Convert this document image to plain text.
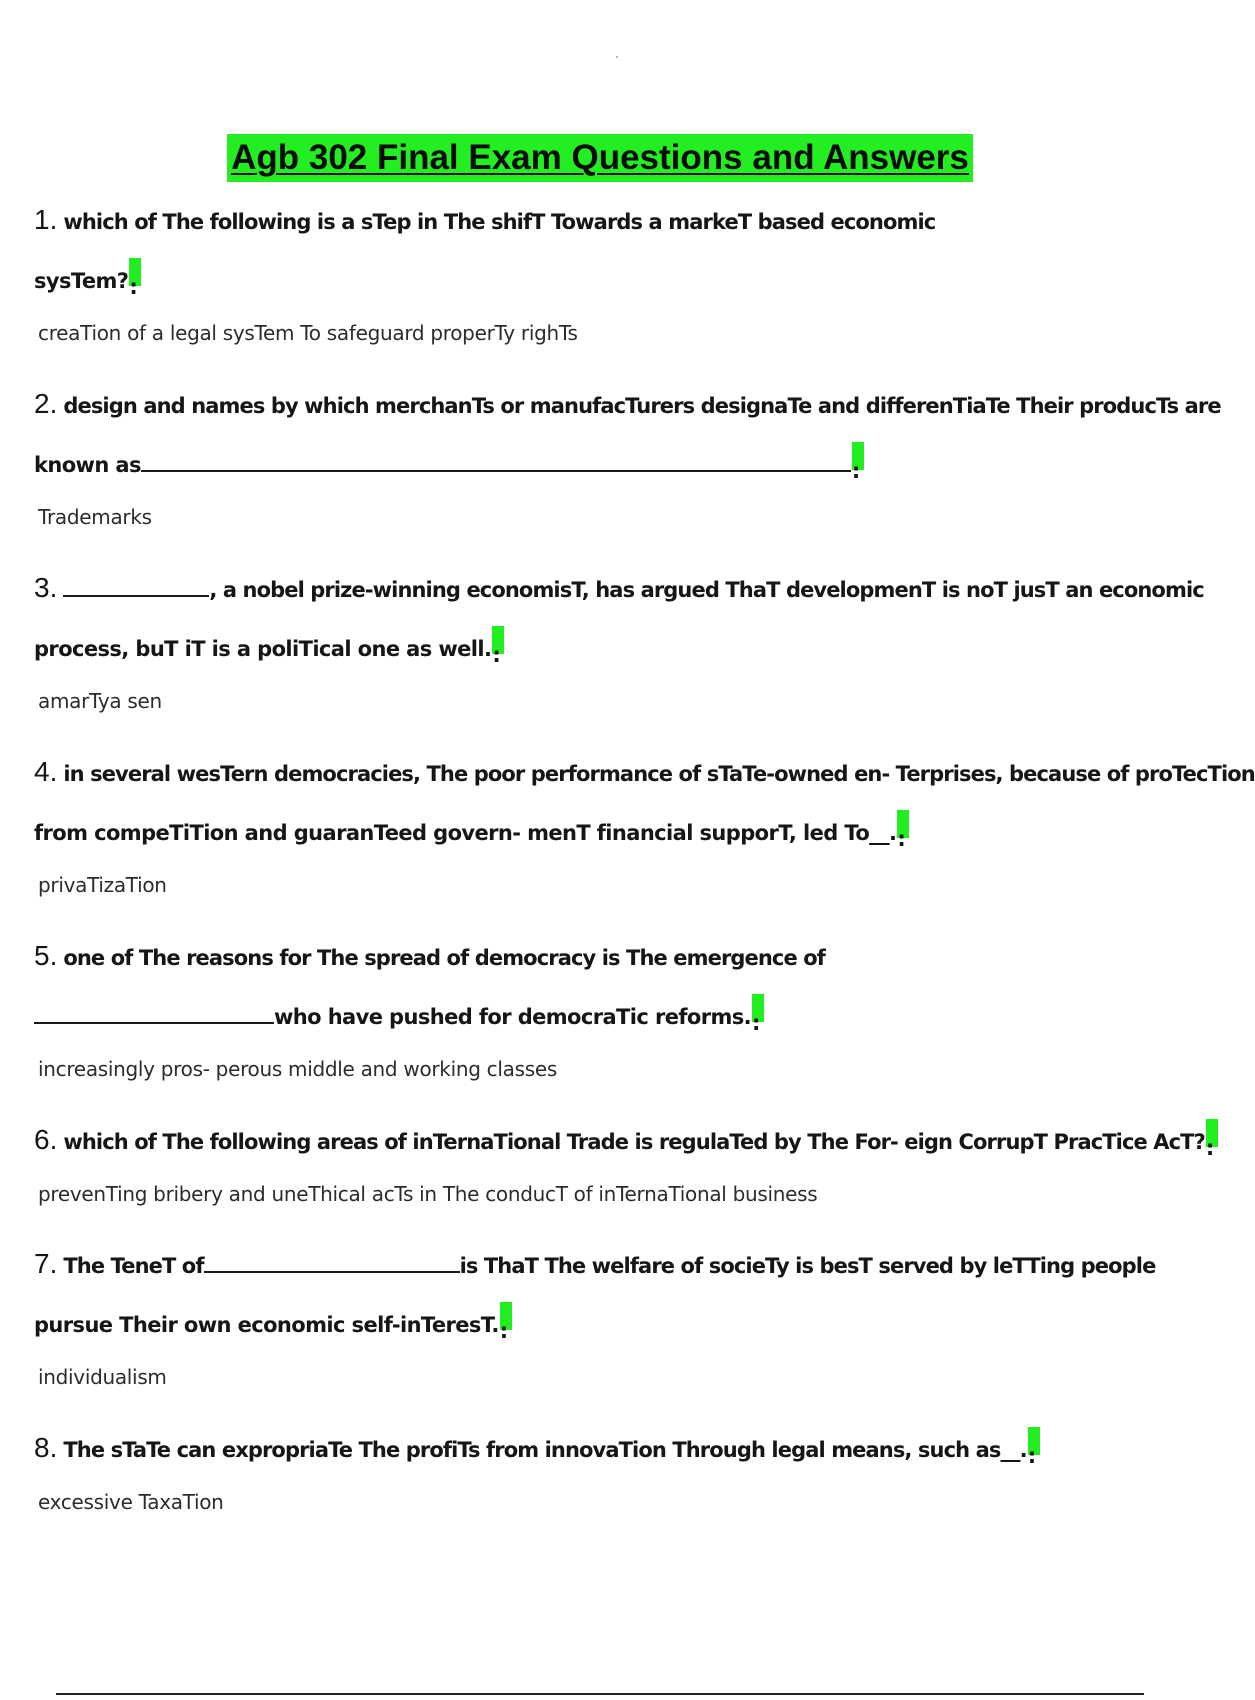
Agb 302 Final Exam Questions and Answers
1. which of The following is a sTep in The shifT Towards a markeT based economic
sysTem?:
creaTion of a legal sysTem To safeguard properTy righTs
2. design and names by which merchanTs or manufacTurers designaTe and differenTiaTe Their producTs are
known as	:
Trademarks
3.	, a nobel prize-winning economisT, has argued ThaT developmenT is noT jusT an economic
process, buT iT is a poliTical one as well.:
amarTya sen
4. in several wesTern democracies, The poor performance of sTaTe-owned en- Terprises, because of proTecTion
from compeTiTion and guaranTeed govern- menT financial supporT, led To__.:
privaTizaTion
5. one of The reasons for The spread of democracy is The emergence of
who have pushed for democraTic reforms.:
increasingly pros- perous middle and working classes
6. which of The following areas of inTernaTional Trade is regulaTed by The For- eign CorrupT PracTice AcT?:
prevenTing bribery and uneThical acTs in The conducT of inTernaTional business
7. The TeneT of	is ThaT The welfare of socieTy is besT served by leTTing people
pursue Their own economic self-inTeresT.:
individualism
8. The sTaTe can expropriaTe The profiTs from innovaTion Through legal means, such as__.:
excessive TaxaTion
